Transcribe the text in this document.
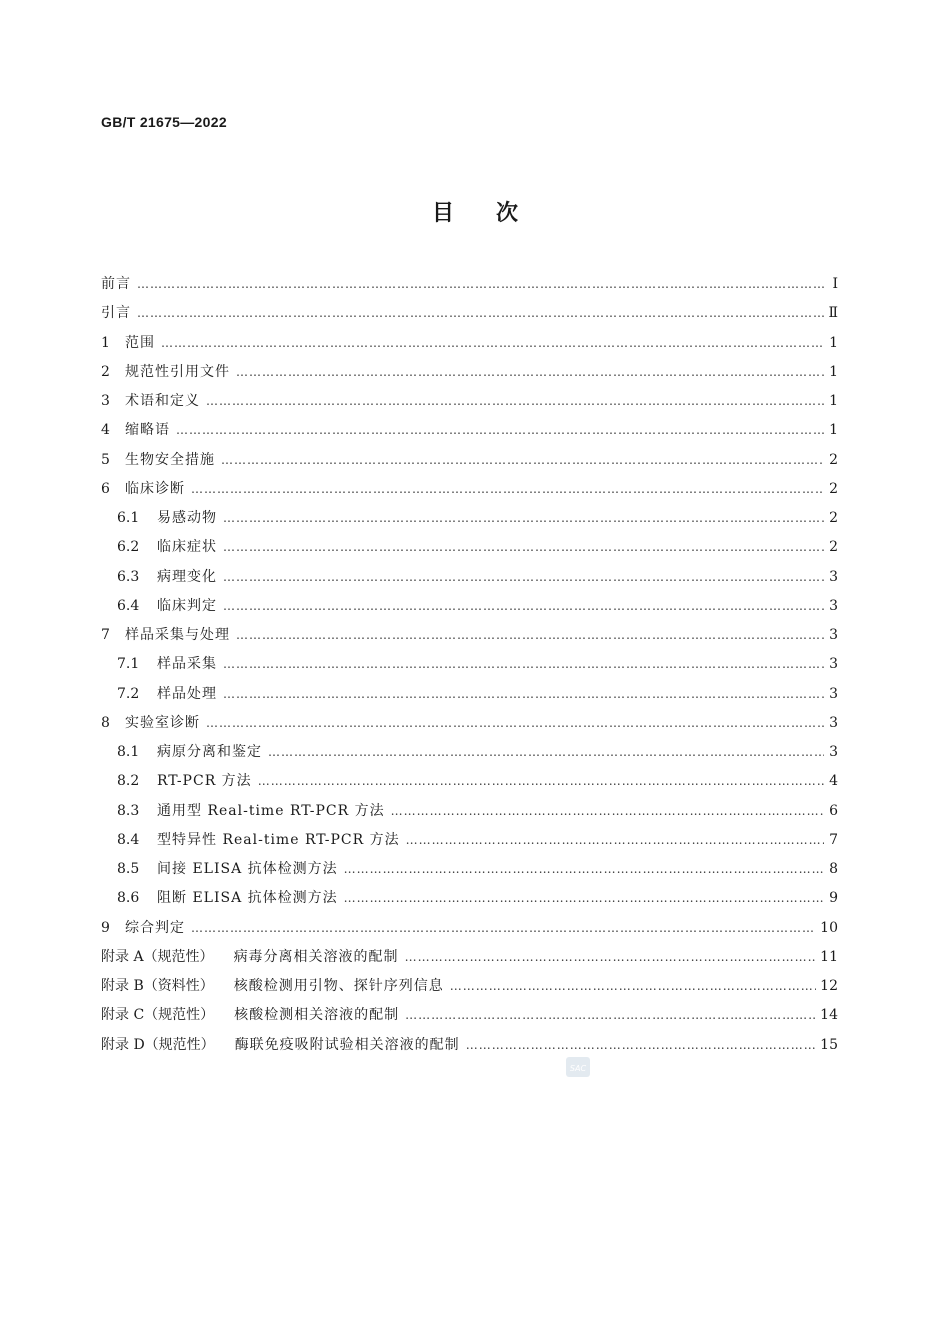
GB/T 21675—2022
目次
前言 ……………………………………………………………………………………………………………………………………………………………………………………………………	Ⅰ
引言 ……………………………………………………………………………………………………………………………………………………………………………………………………	Ⅱ
1	范围 ……………………………………………………………………………………………………………………………………………………………………………………………………	1
2	规范性引用文件 ……………………………………………………………………………………………………………………………………………………………………………………………………	1
3	术语和定义 ……………………………………………………………………………………………………………………………………………………………………………………………………	1
4	缩略语 ……………………………………………………………………………………………………………………………………………………………………………………………………	1
5	生物安全措施 ……………………………………………………………………………………………………………………………………………………………………………………………………	2
6	临床诊断 ……………………………………………………………………………………………………………………………………………………………………………………………………	2
6.1	易感动物 ……………………………………………………………………………………………………………………………………………………………………………………………………	2
6.2	临床症状 ……………………………………………………………………………………………………………………………………………………………………………………………………	2
6.3	病理变化 ……………………………………………………………………………………………………………………………………………………………………………………………………	3
6.4	临床判定 ……………………………………………………………………………………………………………………………………………………………………………………………………	3
7	样品采集与处理 ……………………………………………………………………………………………………………………………………………………………………………………………………	3
7.1	样品采集 ……………………………………………………………………………………………………………………………………………………………………………………………………	3
7.2	样品处理 ……………………………………………………………………………………………………………………………………………………………………………………………………	3
8	实验室诊断 ……………………………………………………………………………………………………………………………………………………………………………………………………	3
8.1	病原分离和鉴定 ……………………………………………………………………………………………………………………………………………………………………………………………………	3
8.2	RT-PCR 方法 ……………………………………………………………………………………………………………………………………………………………………………………………………	4
8.3	通用型 Real-time RT-PCR 方法 ……………………………………………………………………………………………………………………………………………………………………………………………………	6
8.4	型特异性 Real-time RT-PCR 方法 ……………………………………………………………………………………………………………………………………………………………………………………………………	7
8.5	间接 ELISA 抗体检测方法 ……………………………………………………………………………………………………………………………………………………………………………………………………	8
8.6	阻断 ELISA 抗体检测方法 ……………………………………………………………………………………………………………………………………………………………………………………………………	9
9	综合判定 ……………………………………………………………………………………………………………………………………………………………………………………………………	10
附录 A（规范性） 病毒分离相关溶液的配制 ……………………………………………………………………………………………………………………………………………………………………………………………………	11
附录 B（资料性） 核酸检测用引物、探针序列信息 ……………………………………………………………………………………………………………………………………………………………………………………………………	12
附录 C（规范性） 核酸检测相关溶液的配制 ……………………………………………………………………………………………………………………………………………………………………………………………………	14
附录 D（规范性） 酶联免疫吸附试验相关溶液的配制 ……………………………………………………………………………………………………………………………………………………………………………………………………	15
SAC
